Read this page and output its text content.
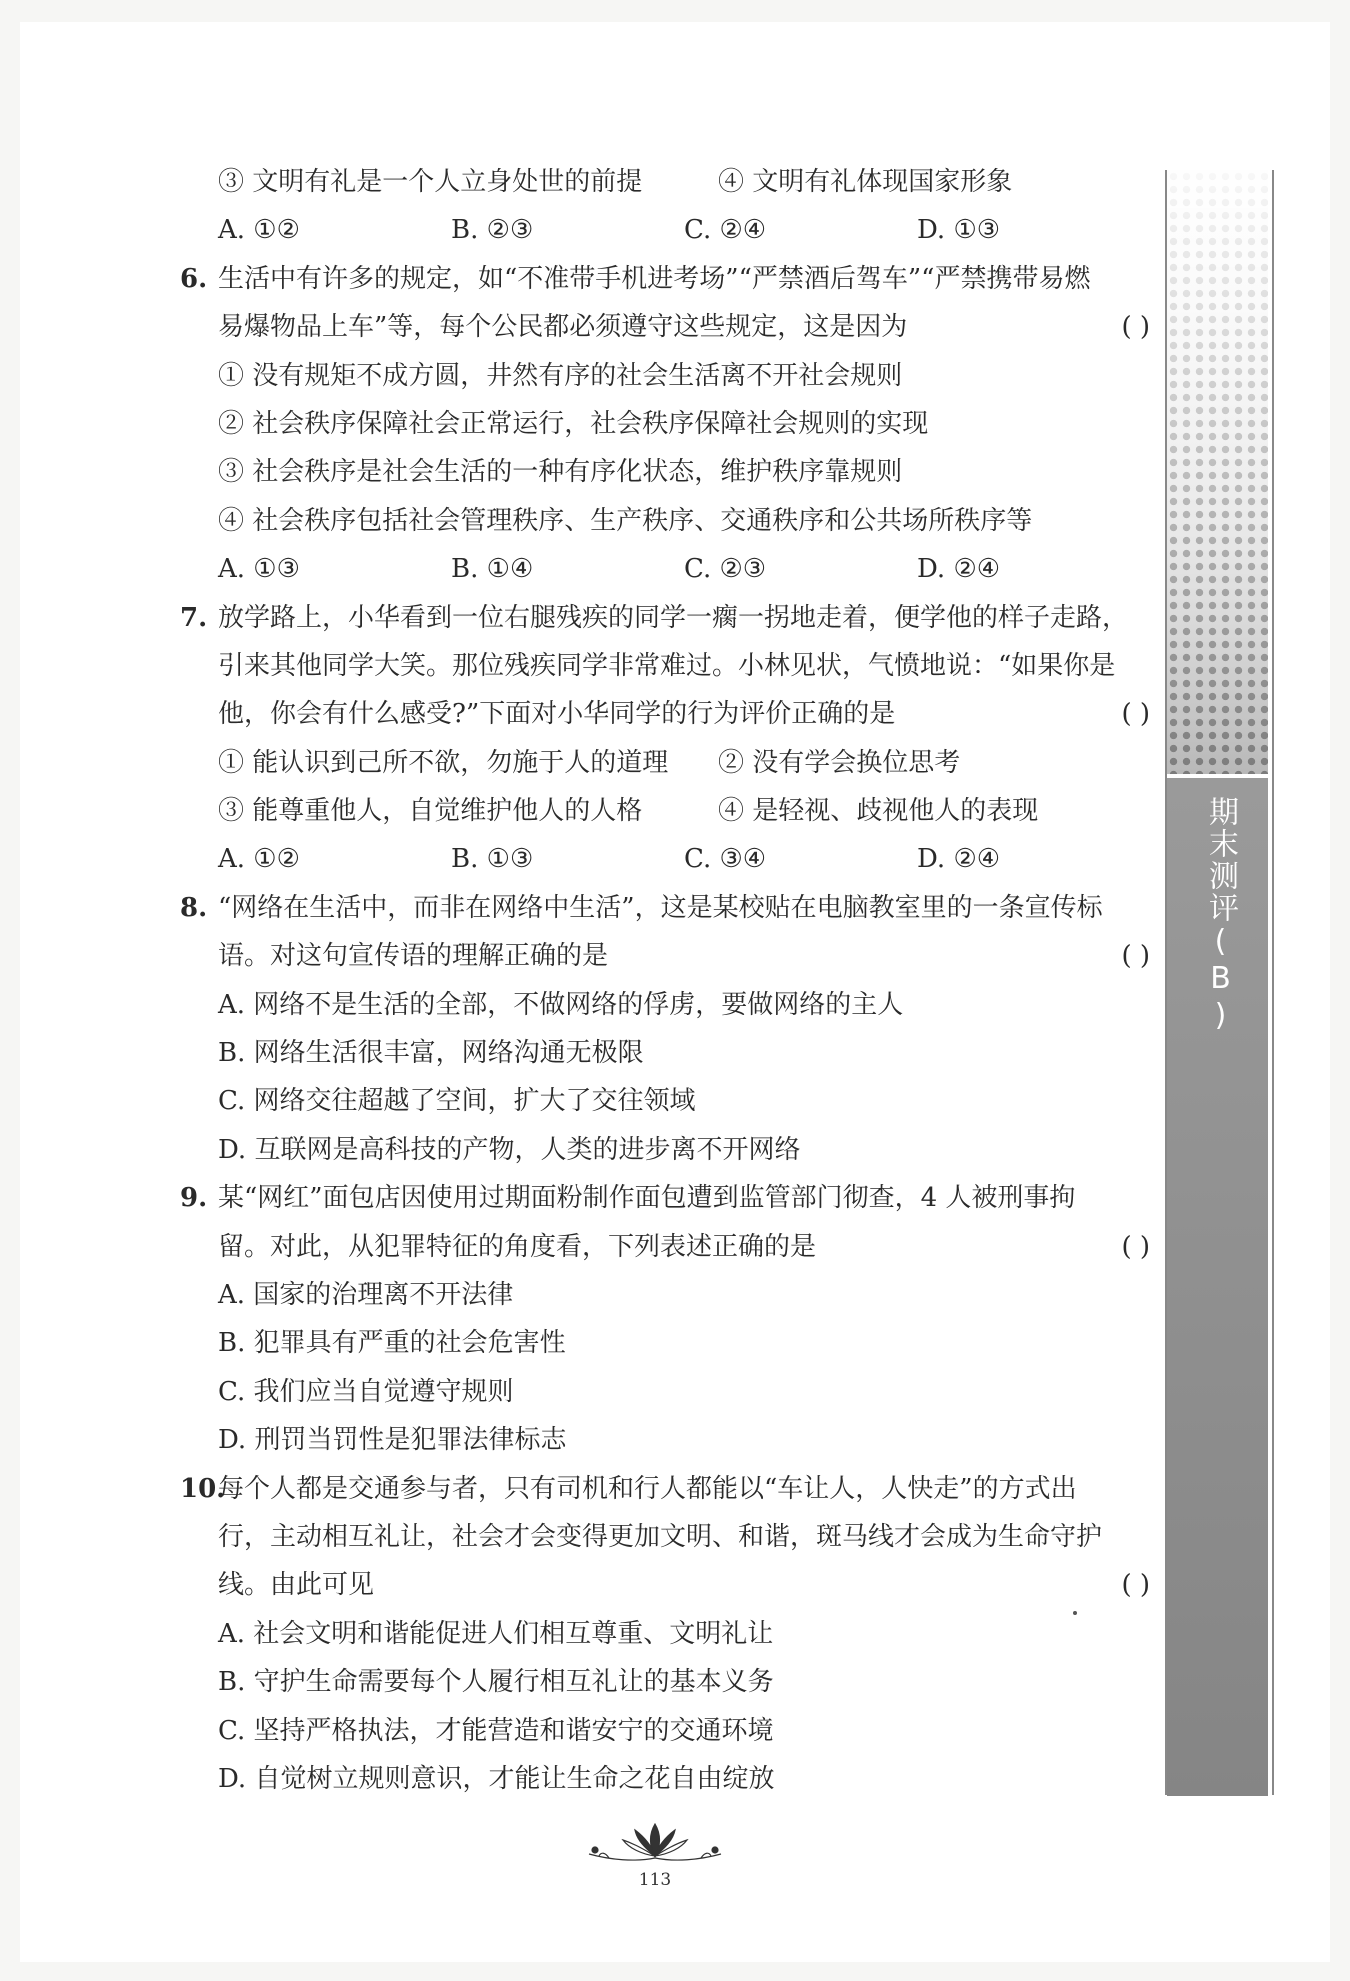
期末测评(B)
③ 文明有礼是一个人立身处世的前提	④ 文明有礼体现国家形象
A. ①②	B. ②③	C. ②④	D. ①③
6. 生活中有许多的规定，如“不准带手机进考场”“严禁酒后驾车”“严禁携带易燃
易爆物品上车”等，每个公民都必须遵守这些规定，这是因为	( )
① 没有规矩不成方圆，井然有序的社会生活离不开社会规则
② 社会秩序保障社会正常运行，社会秩序保障社会规则的实现
③ 社会秩序是社会生活的一种有序化状态，维护秩序靠规则
④ 社会秩序包括社会管理秩序、生产秩序、交通秩序和公共场所秩序等
A. ①③	B. ①④	C. ②③	D. ②④
7. 放学路上，小华看到一位右腿残疾的同学一瘸一拐地走着，便学他的样子走路，
引来其他同学大笑。那位残疾同学非常难过。小林见状，气愤地说：“如果你是
他，你会有什么感受?”下面对小华同学的行为评价正确的是	( )
① 能认识到己所不欲，勿施于人的道理	② 没有学会换位思考
③ 能尊重他人，自觉维护他人的人格	④ 是轻视、歧视他人的表现
A. ①②	B. ①③	C. ③④	D. ②④
8. “网络在生活中，而非在网络中生活”，这是某校贴在电脑教室里的一条宣传标
语。对这句宣传语的理解正确的是	( )
A. 网络不是生活的全部，不做网络的俘虏，要做网络的主人
B. 网络生活很丰富，网络沟通无极限
C. 网络交往超越了空间，扩大了交往领域
D. 互联网是高科技的产物，人类的进步离不开网络
9. 某“网红”面包店因使用过期面粉制作面包遭到监管部门彻查，4 人被刑事拘
留。对此，从犯罪特征的角度看，下列表述正确的是	( )
A. 国家的治理离不开法律
B. 犯罪具有严重的社会危害性
C. 我们应当自觉遵守规则
D. 刑罚当罚性是犯罪法律标志
10.每个人都是交通参与者，只有司机和行人都能以“车让人，人快走”的方式出
行，主动相互礼让，社会才会变得更加文明、和谐，斑马线才会成为生命守护
线。由此可见	( )
A. 社会文明和谐能促进人们相互尊重、文明礼让
B. 守护生命需要每个人履行相互礼让的基本义务
C. 坚持严格执法，才能营造和谐安宁的交通环境
D. 自觉树立规则意识，才能让生命之花自由绽放
113
